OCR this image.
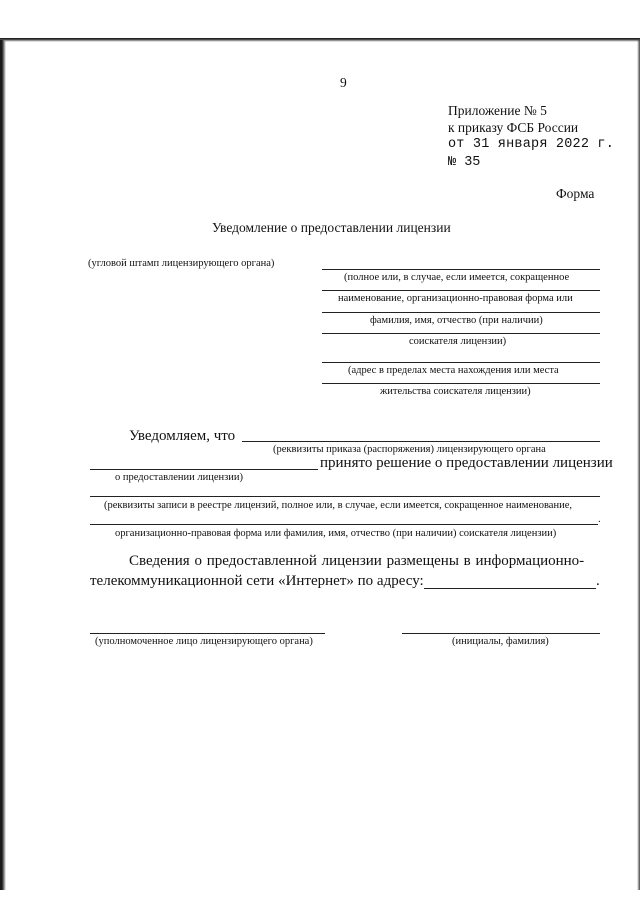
9
Приложение № 5
к приказу ФСБ России
от 31 января 2022 г.
№ 35
Форма
Уведомление о предоставлении лицензии
(угловой штамп лицензирующего органа)
(полное или, в случае, если имеется, сокращенное
наименование, организационно-правовая форма или
фамилия, имя, отчество (при наличии)
соискателя лицензии)
(адрес в пределах места нахождения или места
жительства соискателя лицензии)
Уведомляем, что
(реквизиты приказа (распоряжения) лицензирующего органа
принято решение о предоставлении лицензии
о предоставлении лицензии)
(реквизиты записи в реестре лицензий, полное или, в случае, если имеется, сокращенное наименование,
.
организационно-правовая форма или фамилия, имя, отчество (при наличии) соискателя лицензии)
Сведения о предоставленной лицензии размещены в информационно-
телекоммуникационной сети «Интернет» по адресу:	.
(уполномоченное лицо лицензирующего органа)	(инициалы, фамилия)
